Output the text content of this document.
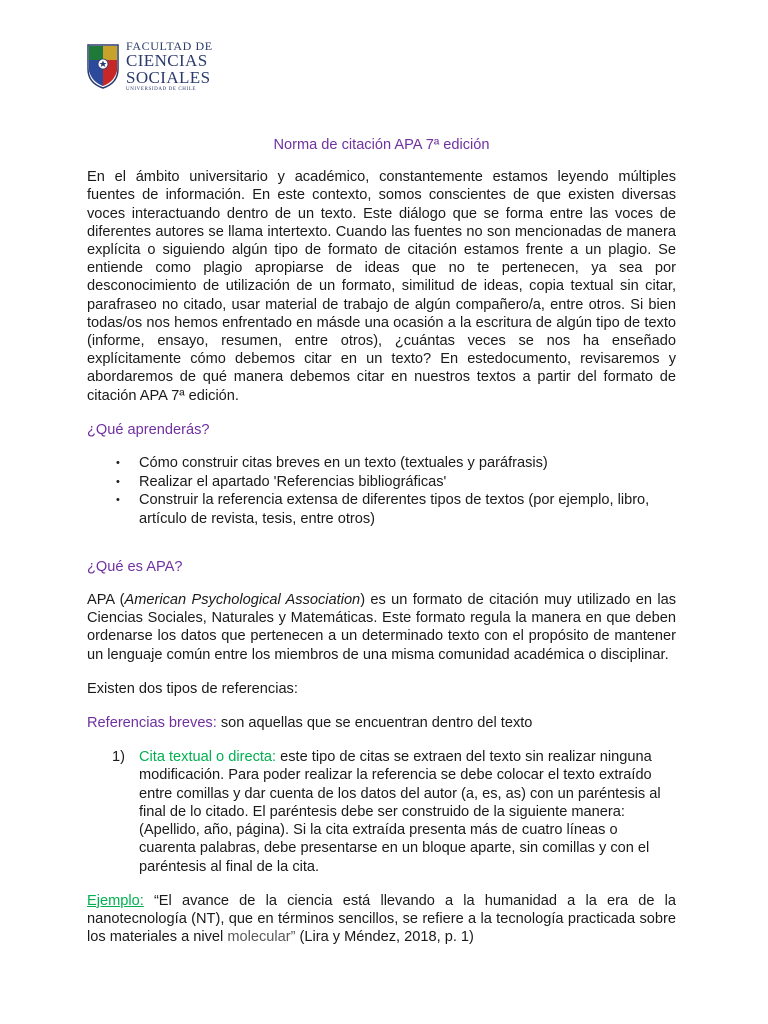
FACULTAD DE
CIENCIAS
SOCIALES
UNIVERSIDAD DE CHILE
Norma de citación APA 7ª edición

En el ámbito universitario y académico, constantemente estamos leyendo múltiples fuentes de información. En este contexto, somos conscientes de que existen diversas voces interactuando dentro de un texto. Este diálogo que se forma entre las voces de diferentes autores se llama intertexto. Cuando las fuentes no son mencionadas de manera explícita o siguiendo algún tipo de formato de citación estamos frente a un plagio. Se entiende como plagio apropiarse de ideas que no te pertenecen, ya sea por desconocimiento de utilización de un formato, similitud de ideas, copia textual sin citar, parafraseo no citado, usar material de trabajo de algún compañero/a, entre otros. Si bien todas/os nos hemos enfrentado en másde una ocasión a la escritura de algún tipo de texto (informe, ensayo, resumen, entre otros), ¿cuántas veces se nos ha enseñado explícitamente cómo debemos citar en un texto? En estedocumento, revisaremos y abordaremos de qué manera debemos citar en nuestros textos a partir del formato de citación APA 7ª edición.

¿Qué aprenderás?
• Cómo construir citas breves en un texto (textuales y paráfrasis)
• Realizar el apartado 'Referencias bibliográficas'
• Construir la referencia extensa de diferentes tipos de textos (por ejemplo, libro, artículo de revista, tesis, entre otros)
¿Qué es APA?

APA (American Psychological Association) es un formato de citación muy utilizado en las Ciencias Sociales, Naturales y Matemáticas. Este formato regula la manera en que deben ordenarse los datos que pertenecen a un determinado texto con el propósito de mantener un lenguaje común entre los miembros de una misma comunidad académica o disciplinar.

Existen dos tipos de referencias:

Referencias breves: son aquellas que se encuentran dentro del texto

1) Cita textual o directa: este tipo de citas se extraen del texto sin realizar ninguna modificación. Para poder realizar la referencia se debe colocar el texto extraído entre comillas y dar cuenta de los datos del autor (a, es, as) con un paréntesis al final de lo citado. El paréntesis debe ser construido de la siguiente manera: (Apellido, año, página). Si la cita extraída presenta más de cuatro líneas o cuarenta palabras, debe presentarse en un bloque aparte, sin comillas y con el paréntesis al final de la cita.

Ejemplo: “El avance de la ciencia está llevando a la humanidad a la era de la nanotecnología (NT), que en términos sencillos, se refiere a la tecnología practicada sobre los materiales a nivel molecular” (Lira y Méndez, 2018, p. 1)
